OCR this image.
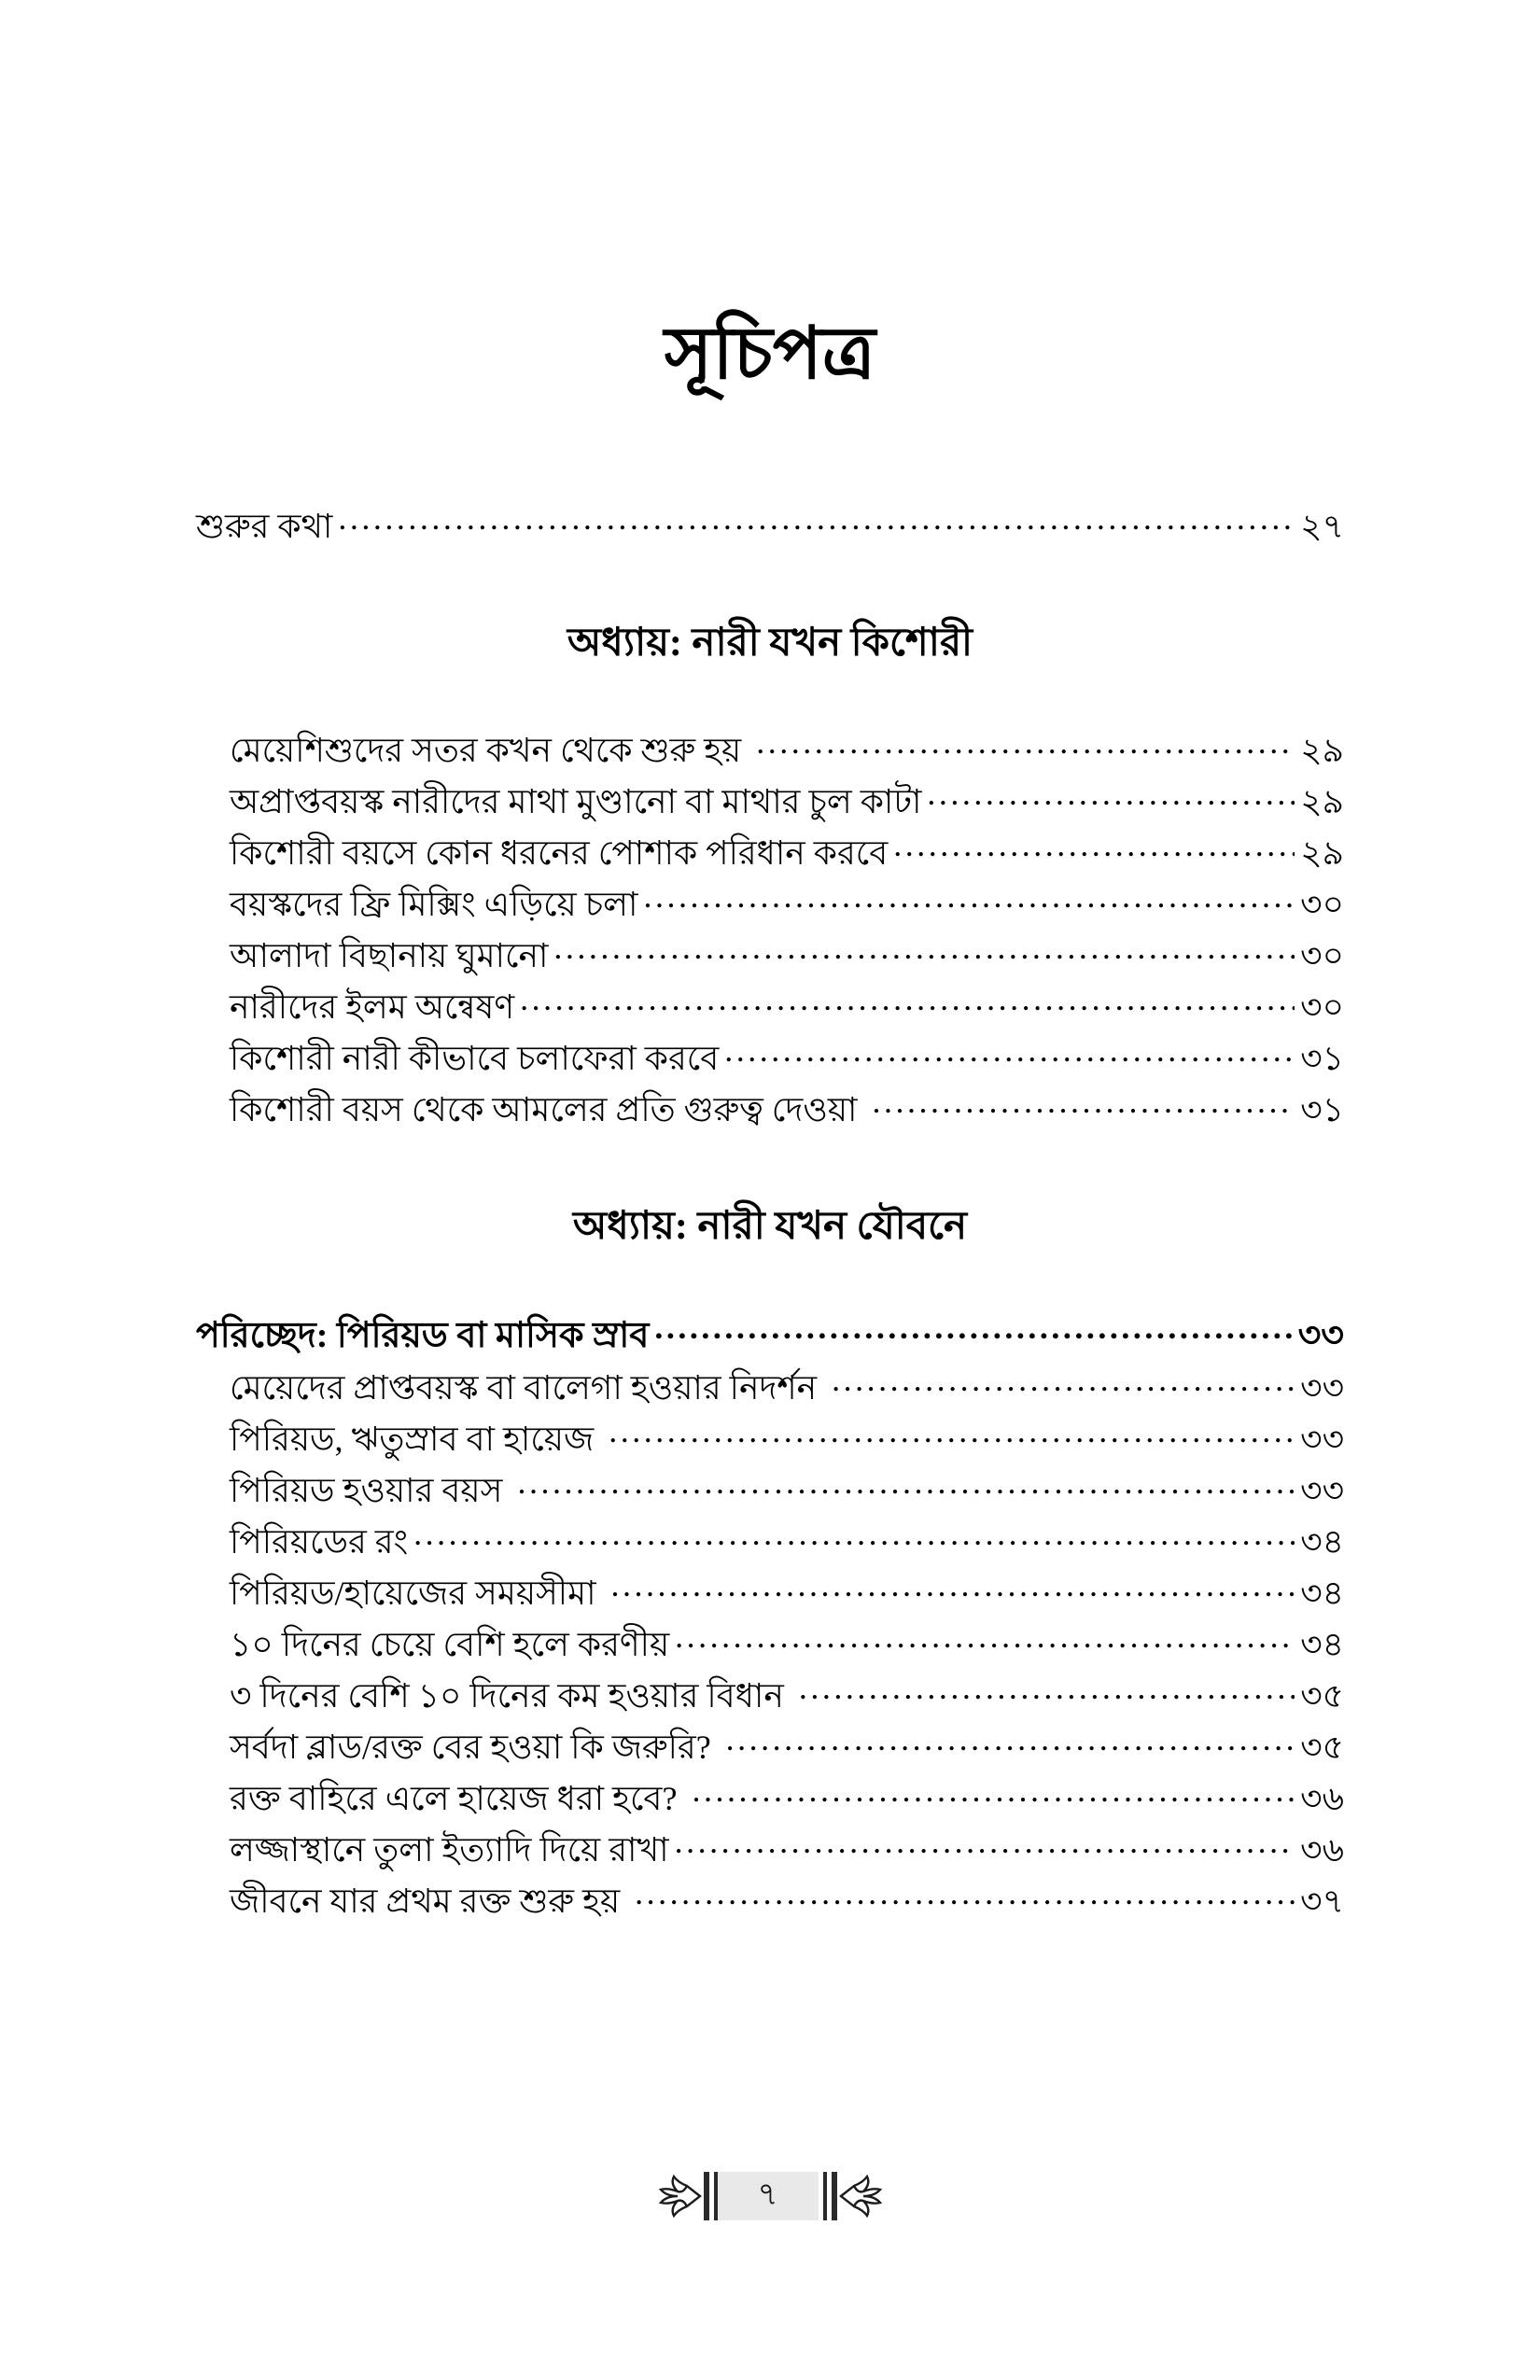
সূচিপত্র
শুরুর কথা .....	২৭
অধ্যায়: নারী যখন কিশোরী
মেয়েশিশুদের সতর কখন থেকে শুরু হয় .....	২৯
অপ্রাপ্তবয়স্ক নারীদের মাথা মুণ্ডানো বা মাথার চুল কাটা .....	২৯
কিশোরী বয়সে কোন ধরনের পোশাক পরিধান করবে .....	২৯
বয়স্কদের ফ্রি মিক্সিং এড়িয়ে চলা .....	৩০
আলাদা বিছানায় ঘুমানো .....	৩০
নারীদের ইলম অন্বেষণ .....	৩০
কিশোরী নারী কীভাবে চলাফেরা করবে .....	৩১
কিশোরী বয়স থেকে আমলের প্রতি গুরুত্ব দেওয়া .....	৩১
অধ্যায়: নারী যখন যৌবনে
পরিচ্ছেদ: পিরিয়ড বা মাসিক স্রাব .....	৩৩
মেয়েদের প্রাপ্তবয়স্ক বা বালেগা হওয়ার নিদর্শন .....	৩৩
পিরিয়ড, ঋতুস্রাব বা হায়েজ .....	৩৩
পিরিয়ড হওয়ার বয়স .....	৩৩
পিরিয়ডের রং .....	৩৪
পিরিয়ড/হায়েজের সময়সীমা .....	৩৪
১০ দিনের চেয়ে বেশি হলে করণীয় .....	৩৪
৩ দিনের বেশি ১০ দিনের কম হওয়ার বিধান .....	৩৫
সর্বদা ব্লাড/রক্ত বের হওয়া কি জরুরি? .....	৩৫
রক্ত বাহিরে এলে হায়েজ ধরা হবে? .....	৩৬
লজ্জাস্থানে তুলা ইত্যাদি দিয়ে রাখা .....	৩৬
জীবনে যার প্রথম রক্ত শুরু হয় .....	৩৭
৭
